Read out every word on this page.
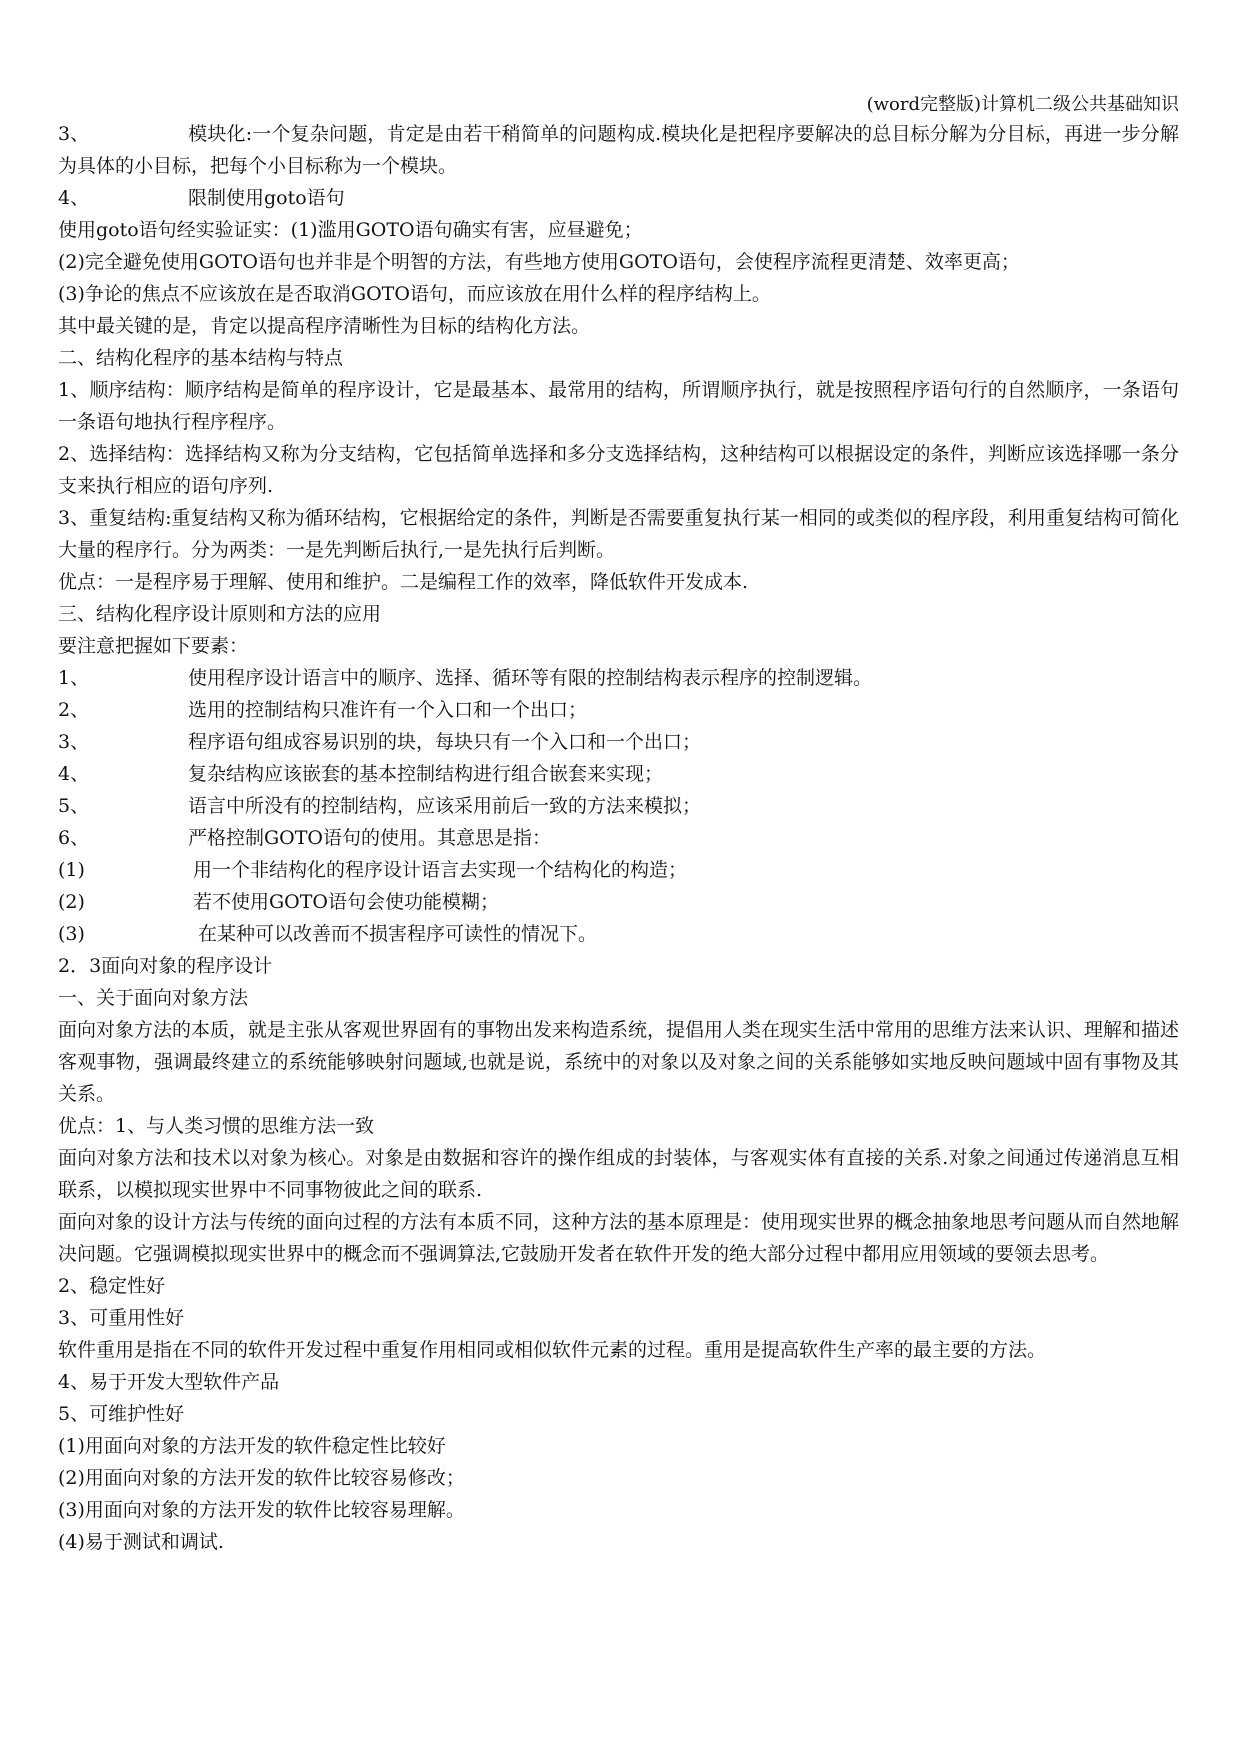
(word完整版)计算机二级公共基础知识
3、	模块化:一个复杂问题，肯定是由若干稍简单的问题构成.模块化是把程序要解决的总目标分解为分目标，再进一步分解为具体的小目标，把每个小目标称为一个模块。
4、	限制使用goto语句
使用goto语句经实验证实：(1)滥用GOTO语句确实有害，应昼避免；
(2)完全避免使用GOTO语句也并非是个明智的方法，有些地方使用GOTO语句，会使程序流程更清楚、效率更高；
(3)争论的焦点不应该放在是否取消GOTO语句，而应该放在用什么样的程序结构上。
其中最关键的是，肯定以提高程序清晰性为目标的结构化方法。
二、结构化程序的基本结构与特点
1、顺序结构：顺序结构是简单的程序设计，它是最基本、最常用的结构，所谓顺序执行，就是按照程序语句行的自然顺序，一条语句一条语句地执行程序程序。
2、选择结构：选择结构又称为分支结构，它包括简单选择和多分支选择结构，这种结构可以根据设定的条件，判断应该选择哪一条分支来执行相应的语句序列.
3、重复结构:重复结构又称为循环结构，它根据给定的条件，判断是否需要重复执行某一相同的或类似的程序段，利用重复结构可简化大量的程序行。分为两类：一是先判断后执行,一是先执行后判断。
优点：一是程序易于理解、使用和维护。二是编程工作的效率，降低软件开发成本.
三、结构化程序设计原则和方法的应用
要注意把握如下要素：
1、	使用程序设计语言中的顺序、选择、循环等有限的控制结构表示程序的控制逻辑。
2、	选用的控制结构只准许有一个入口和一个出口；
3、	程序语句组成容易识别的块，每块只有一个入口和一个出口；
4、	复杂结构应该嵌套的基本控制结构进行组合嵌套来实现；
5、	语言中所没有的控制结构，应该采用前后一致的方法来模拟；
6、	严格控制GOTO语句的使用。其意思是指：
(1)	用一个非结构化的程序设计语言去实现一个结构化的构造；
(2)	若不使用GOTO语句会使功能模糊；
(3)	在某种可以改善而不损害程序可读性的情况下。
2．3面向对象的程序设计
一、关于面向对象方法
面向对象方法的本质，就是主张从客观世界固有的事物出发来构造系统，提倡用人类在现实生活中常用的思维方法来认识、理解和描述客观事物，强调最终建立的系统能够映射问题域,也就是说，系统中的对象以及对象之间的关系能够如实地反映问题域中固有事物及其关系。
优点：1、与人类习惯的思维方法一致
面向对象方法和技术以对象为核心。对象是由数据和容许的操作组成的封装体，与客观实体有直接的关系.对象之间通过传递消息互相联系，以模拟现实世界中不同事物彼此之间的联系.
面向对象的设计方法与传统的面向过程的方法有本质不同，这种方法的基本原理是：使用现实世界的概念抽象地思考问题从而自然地解决问题。它强调模拟现实世界中的概念而不强调算法,它鼓励开发者在软件开发的绝大部分过程中都用应用领域的要领去思考。
2、稳定性好
3、可重用性好
软件重用是指在不同的软件开发过程中重复作用相同或相似软件元素的过程。重用是提高软件生产率的最主要的方法。
4、易于开发大型软件产品
5、可维护性好
(1)用面向对象的方法开发的软件稳定性比较好
(2)用面向对象的方法开发的软件比较容易修改；
(3)用面向对象的方法开发的软件比较容易理解。
(4)易于测试和调试.
